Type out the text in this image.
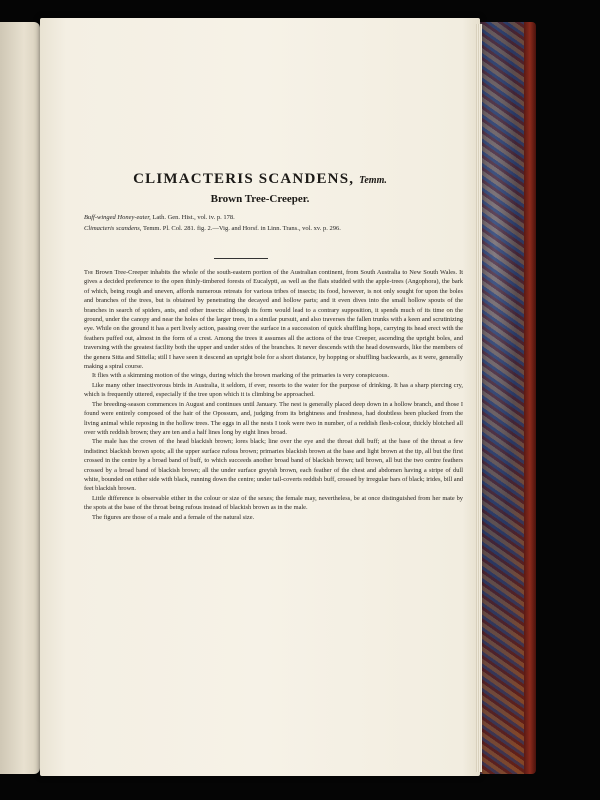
CLIMACTERIS SCANDENS, Temm.
Brown Tree-Creeper.

Buff-winged Honey-eater, Lath. Gen. Hist., vol. iv. p. 178.

Climacteris scandens, Temm. Pl. Col. 281. fig. 2.—Vig. and Horsf. in Linn. Trans., vol. xv. p. 296.

The Brown Tree-Creeper inhabits the whole of the south-eastern portion of the Australian continent, from South Australia to New South Wales. It gives a decided preference to the open thinly-timbered forests of Eucalypti, as well as the flats studded with the apple-trees (Angophora), the bark of which, being rough and uneven, affords numerous retreats for various tribes of insects; its food, however, is not only sought for upon the boles and branches of the trees, but is obtained by penetrating the decayed and hollow parts; and it even dives into the small hollow spouts of the branches in search of spiders, ants, and other insects: although its form would lead to a contrary supposition, it spends much of its time on the ground, under the canopy and near the holes of the larger trees, in a similar pursuit, and also traverses the fallen trunks with a keen and scrutinizing eye. While on the ground it has a pert lively action, passing over the surface in a succession of quick shuffling hops, carrying its head erect with the feathers puffed out, almost in the form of a crest. Among the trees it assumes all the actions of the true Creeper, ascending the upright boles, and traversing with the greatest facility both the upper and under sides of the branches. It never descends with the head downwards, like the members of the genera Sitta and Sittella; still I have seen it descend an upright bole for a short distance, by hopping or shuffling backwards, as it were, generally making a spiral course.

It flies with a skimming motion of the wings, during which the brown marking of the primaries is very conspicuous.

Like many other insectivorous birds in Australia, it seldom, if ever, resorts to the water for the purpose of drinking. It has a sharp piercing cry, which is frequently uttered, especially if the tree upon which it is climbing be approached.

The breeding-season commences in August and continues until January. The nest is generally placed deep down in a hollow branch, and those I found were entirely composed of the hair of the Opossum, and, judging from its brightness and freshness, had doubtless been plucked from the living animal while reposing in the hollow trees. The eggs in all the nests I took were two in number, of a reddish flesh-colour, thickly blotched all over with reddish brown; they are ten and a half lines long by eight lines broad.

The male has the crown of the head blackish brown; lores black; line over the eye and the throat dull buff; at the base of the throat a few indistinct blackish brown spots; all the upper surface rufous brown; primaries blackish brown at the base and light brown at the tip, all but the first crossed in the centre by a broad band of buff, to which succeeds another broad band of blackish brown; tail brown, all but the two centre feathers crossed by a broad band of blackish brown; all the under surface greyish brown, each feather of the chest and abdomen having a stripe of dull white, bounded on either side with black, running down the centre; under tail-coverts reddish buff, crossed by irregular bars of black; irides, bill and feet blackish brown.

Little difference is observable either in the colour or size of the sexes; the female may, nevertheless, be at once distinguished from her mate by the spots at the base of the throat being rufous instead of blackish brown as in the male.

The figures are those of a male and a female of the natural size.
